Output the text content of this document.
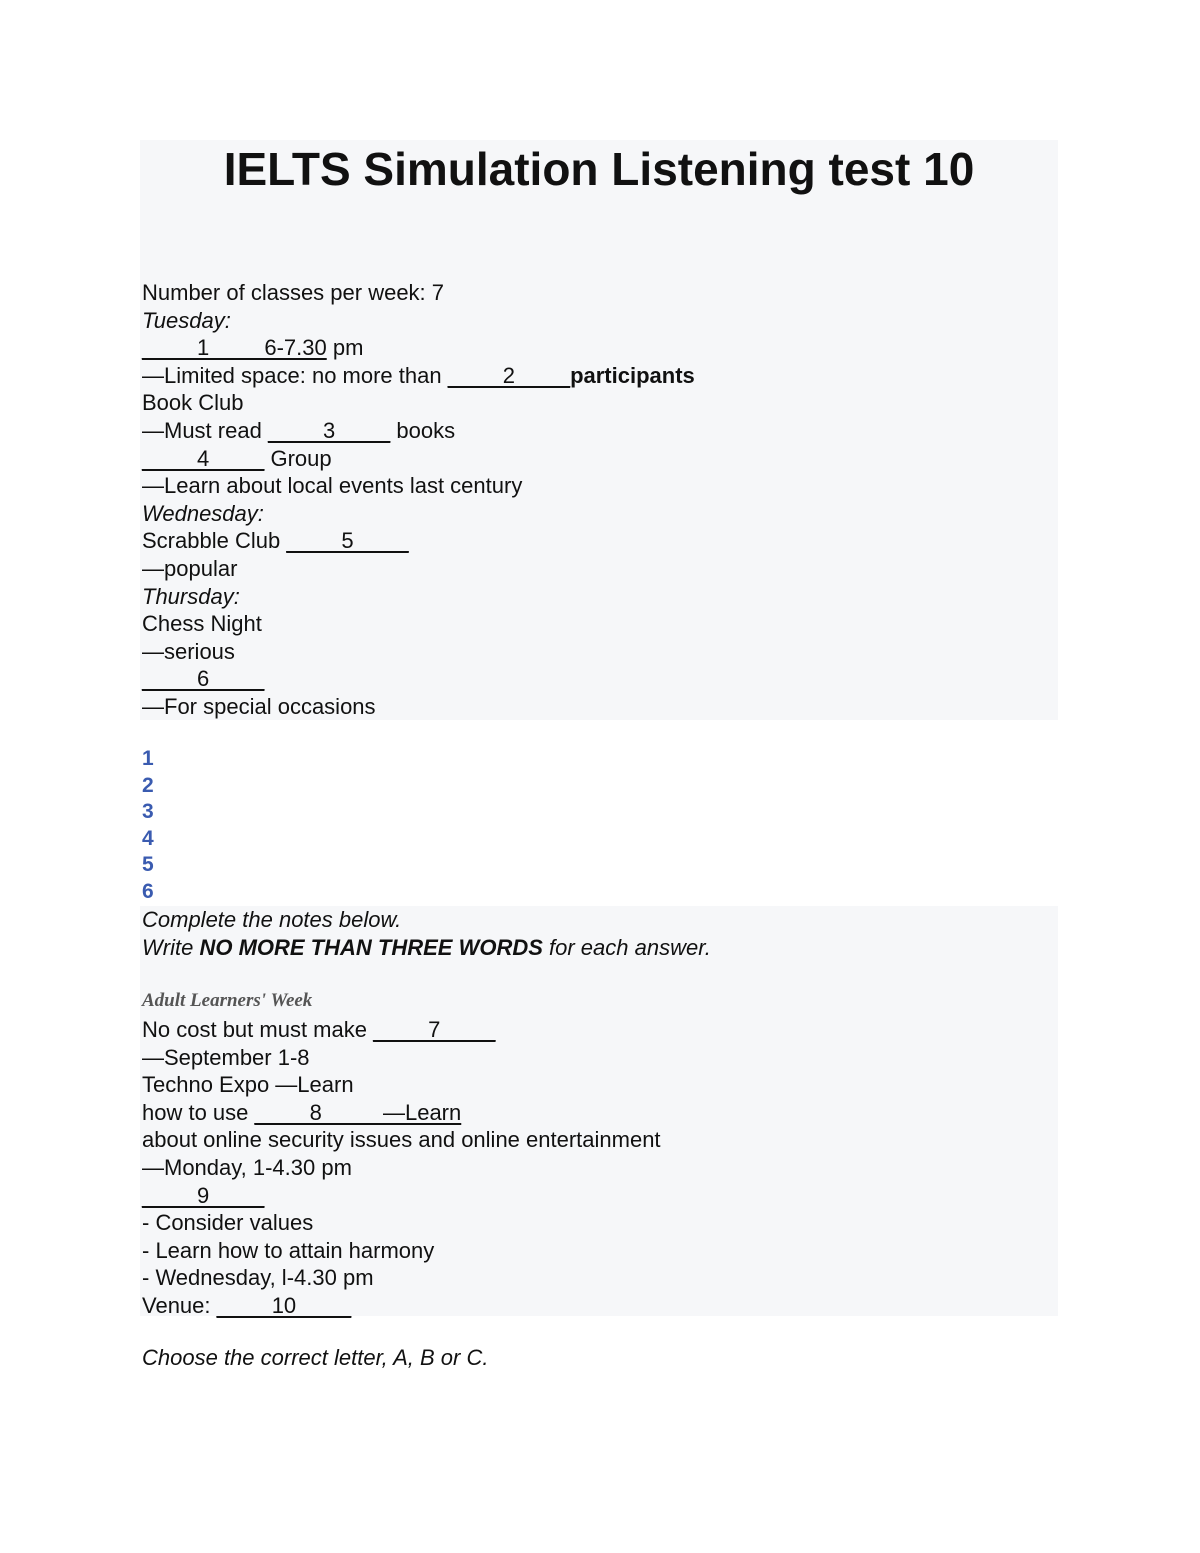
IELTS Simulation Listening test 10
Number of classes per week: 7
Tuesday:
__ __1__ __6-7.30 pm
—Limited space: no more than __ __2__ __participants
Book Club
—Must read __ __3__ __ books
__ __4__ __ Group
—Learn about local events last century
Wednesday:
Scrabble Club __ __5__ __
—popular
Thursday:
Chess Night
—serious
__ __6__ __
—For special occasions
1
2
3
4
5
6
Complete the notes below.
Write NO MORE THAN THREE WORDS for each answer.
Adult Learners' Week
No cost but must make __ __7__ __
—September 1-8
Techno Expo —Learn
how to use __ __8__ __ —Learn
about online security issues and online entertainment
—Monday, 1-4.30 pm
__ __9__ __
- Consider values
- Learn how to attain harmony
- Wednesday, l-4.30 pm
Venue: __ __10__ __
Choose the correct letter, A, B or C.
